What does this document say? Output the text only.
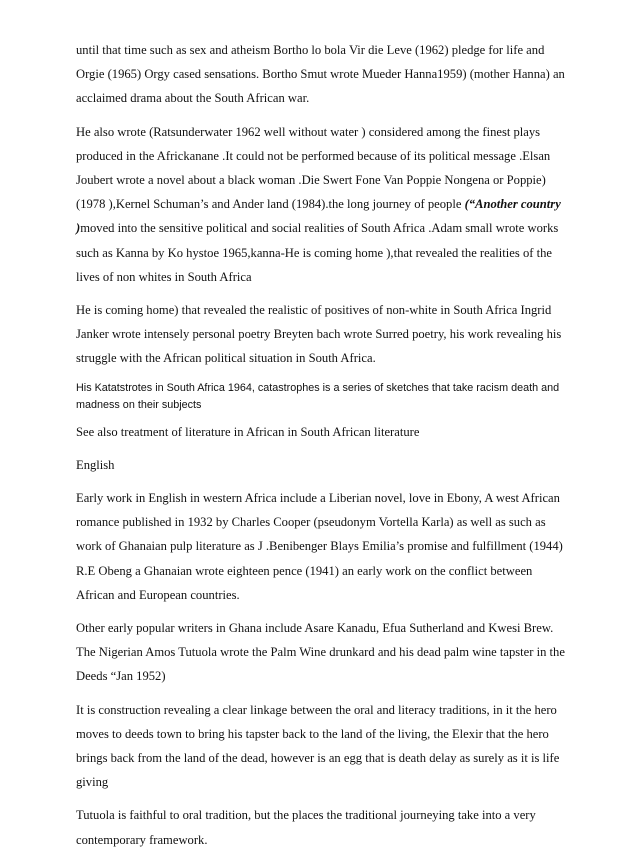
until that time such as sex and atheism Bortho lo bola Vir die Leve (1962) pledge for life and Orgie (1965) Orgy cased sensations. Bortho Smut wrote Mueder Hanna1959) (mother Hanna) an acclaimed drama about the South African war.

He also wrote (Ratsunderwater 1962 well without water ) considered among the finest plays produced in the Africkanane .It could not be performed because of its political message .Elsan Joubert wrote a novel about a black woman .Die Swert Fone Van Poppie Nongena or Poppie)(1978 ),Kernel Schuman’s and Ander land (1984).the long journey of people (“Another country )moved into the sensitive political and social realities of South Africa .Adam small wrote works such as Kanna by Ko hystoe 1965,kanna-He is coming home ),that revealed the realities of the lives of non whites in South Africa

He is coming home) that revealed the realistic of positives of non-white in South Africa Ingrid Janker wrote intensely personal poetry Breyten bach wrote Surred poetry, his work revealing his struggle with the African political situation in South Africa.

His Katatstrotes in South Africa 1964, catastrophes is a series of sketches that take racism death and madness on their subjects

See also treatment of literature in African in South African literature

English

Early work in English in western Africa include a Liberian novel, love in Ebony, A west African romance published in 1932 by Charles Cooper (pseudonym Vortella Karla) as well as such as work of Ghanaian pulp literature as J .Benibenger Blays Emilia’s promise and fulfillment (1944) R.E Obeng a Ghanaian wrote eighteen pence (1941) an early work on the conflict between African and European countries.

Other early popular writers in Ghana include Asare Kanadu, Efua Sutherland and Kwesi Brew. The Nigerian Amos Tutuola wrote the Palm Wine drunkard and his dead palm wine tapster in the Deeds “Jan 1952)

It is construction revealing a clear linkage between the oral and literacy traditions, in it the hero moves to deeds town to bring his tapster back to the land of the living, the Elexir that the hero brings back from the land of the dead, however is an egg that is death delay as surely as it is life giving

Tutuola is faithful to oral tradition, but the places the traditional journeying take into a very contemporary framework.
